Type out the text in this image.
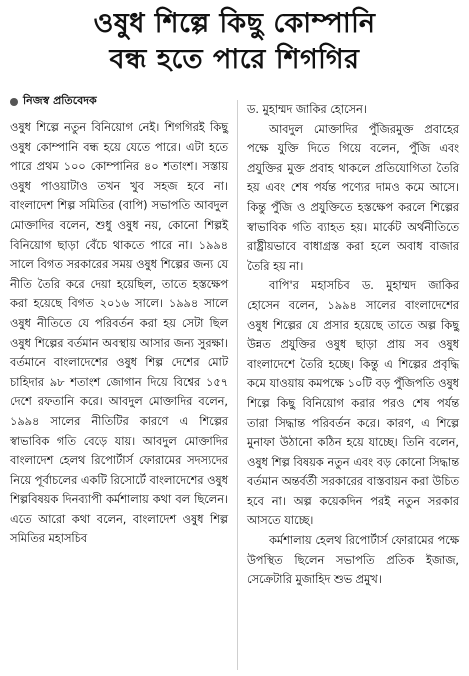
ওষুধ শিল্পে কিছু কোম্পানি
বন্ধ হতে পারে শিগগির
নিজস্ব প্রতিবেদক

ওষুধ শিল্পে নতুন বিনিয়োগ নেই। শিগগিরই কিছু ওষুধ কোম্পানি বন্ধ হয়ে যেতে পারে। এটা হতে পারে প্রথম ১০০ কোম্পানির ৪০ শতাংশ। সস্তায় ওষুধ পাওয়াটাও তখন খুব সহজ হবে না। বাংলাদেশ শিল্প সমিতির (বাপি) সভাপতি আবদুল মোক্তাদির বলেন, শুধু ওষুধ নয়, কোনো শিল্পই বিনিয়োগ ছাড়া বেঁচে থাকতে পারে না। ১৯৯৪ সালে বিগত সরকারের সময় ওষুধ শিল্পের জন্য যে নীতি তৈরি করে দেয়া হয়েছিল, তাতে হস্তক্ষেপ করা হয়েছে বিগত ২০১৬ সালে। ১৯৯৪ সালে ওষুধ নীতিতে যে পরিবর্তন করা হয় সেটা ছিল ওষুধ শিল্পের বর্তমান অবস্থায় আসার জন্য সুরক্ষা। বর্তমানে বাংলাদেশের ওষুধ শিল্প দেশের মোট চাহিদার ৯৮ শতাংশ জোগান দিয়ে বিশ্বের ১৫৭ দেশে রফতানি করে। আবদুল মোক্তাদির বলেন, ১৯৯৪ সালের নীতিটির কারণে এ শিল্পের স্বাভাবিক গতি বেড়ে যায়। আবদুল মোক্তাদির বাংলাদেশ হেলথ রিপোর্টার্স ফোরামের সদস্যদের নিয়ে পূর্বাচলের একটি রিসোর্টে বাংলাদেশের ওষুধ শিল্পবিষয়ক দিনব্যাপী কর্মশালায় কথা বল ছিলেন। এতে আরো কথা বলেন, বাংলাদেশ ওষুধ শিল্প সমিতির মহাসচিব

ড. মুহাম্মদ জাকির হোসেন।

আবদুল মোক্তাদির পুঁজিরমুক্ত প্রবাহের পক্ষে যুক্তি দিতে গিয়ে বলেন, পুঁজি এবং প্রযুক্তির মুক্ত প্রবাহ থাকলে প্রতিযোগিতা তৈরি হয় এবং শেষ পর্যন্ত পণ্যের দামও কমে আসে। কিন্তু পুঁজি ও প্রযুক্তিতে হস্তক্ষেপ করলে শিল্পের স্বাভাবিক গতি ব্যাহত হয়। মার্কেট অর্থনীতিতে রাষ্ট্রীয়ভাবে বাধাগ্রস্ত করা হলে অবাধ বাজার তৈরি হয় না।

বাপি'র মহাসচিব ড. মুহাম্মদ জাকির হোসেন বলেন, ১৯৯৪ সালের বাংলাদেশের ওষুধ শিল্পের যে প্রসার হয়েছে তাতে অল্প কিছু উন্নত প্রযুক্তির ওষুধ ছাড়া প্রায় সব ওষুধ বাংলাদেশে তৈরি হচ্ছে। কিন্তু এ শিল্পের প্রবৃদ্ধি কমে যাওয়ায় কমপক্ষে ১০টি বড় পুঁজিপতি ওষুধ শিল্পে কিছু বিনিয়োগ করার পরও শেষ পর্যন্ত তারা সিদ্ধান্ত পরিবর্তন করে। কারণ, এ শিল্পে মুনাফা উঠানো কঠিন হয়ে যাচ্ছে। তিনি বলেন, ওষুধ শিল্প বিষয়ক নতুন এবং বড় কোনো সিদ্ধান্ত বর্তমান অন্তর্বর্তী সরকারের বাস্তবায়ন করা উচিত হবে না। অল্প কয়েকদিন পরই নতুন সরকার আসতে যাচ্ছে।

কর্মশালায় হেলথ রিপোর্টার্স ফোরামের পক্ষে উপস্থিত ছিলেন সভাপতি প্রতিক ইজাজ, সেক্রেটারি মুজাহিদ শুভ প্রমুখ।
